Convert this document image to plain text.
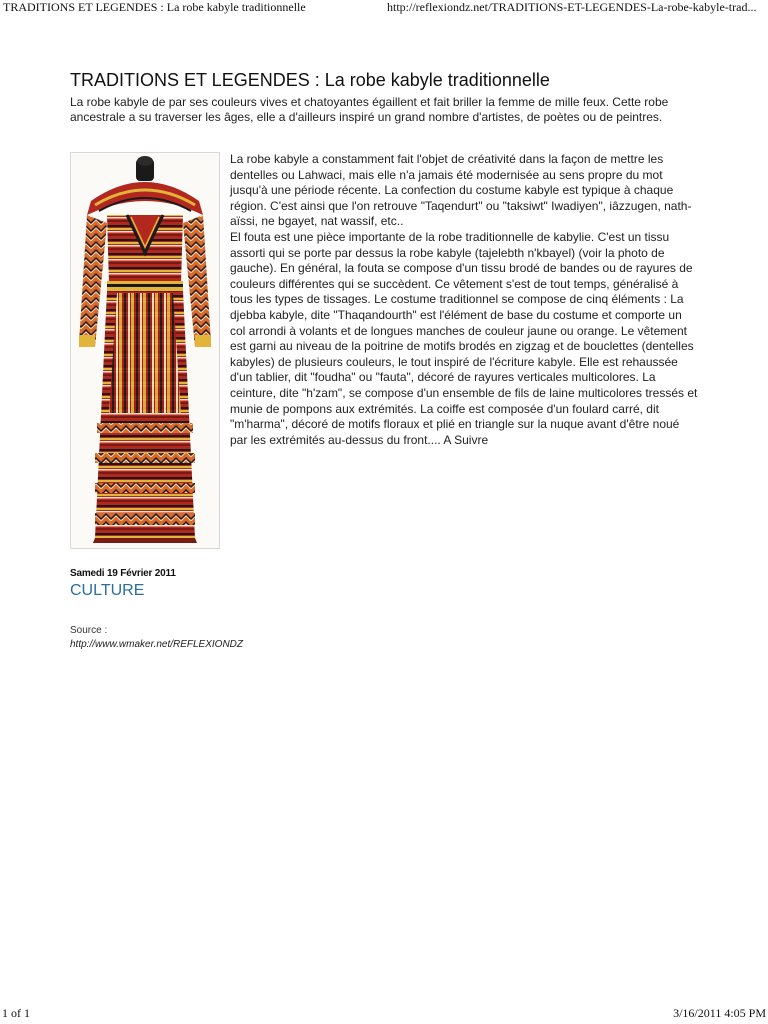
TRADITIONS ET LEGENDES : La robe kabyle traditionnelle	http://reflexiondz.net/TRADITIONS-ET-LEGENDES-La-robe-kabyle-trad...
TRADITIONS ET LEGENDES : La robe kabyle traditionnelle

La robe kabyle de par ses couleurs vives et chatoyantes égaillent et fait briller la femme de mille feux. Cette robe ancestrale a su traverser les âges, elle a d'ailleurs inspiré un grand nombre d'artistes, de poètes ou de peintres.

La robe kabyle a constamment fait l'objet de créativité dans la façon de mettre les dentelles ou Lahwaci, mais elle n'a jamais été modernisée au sens propre du mot jusqu'à une période récente. La confection du costume kabyle est typique à chaque région. C'est ainsi que l'on retrouve "Taqendurt" ou "taksiwt" Iwadiyen", iâzzugen, nath-aïssi, ne bgayet, nat wassif, etc..

El fouta est une pièce importante de la robe traditionnelle de kabylie. C'est un tissu assorti qui se porte par dessus la robe kabyle (tajelebth n'kbayel) (voir la photo de gauche). En général, la fouta se compose d'un tissu brodé de bandes ou de rayures de couleurs différentes qui se succèdent. Ce vêtement s'est de tout temps, généralisé à tous les types de tissages. Le costume traditionnel se compose de cinq éléments : La djebba kabyle, dite "Thaqandourth" est l'élément de base du costume et comporte un col arrondi à volants et de longues manches de couleur jaune ou orange. Le vêtement est garni au niveau de la poitrine de motifs brodés en zigzag et de bouclettes (dentelles kabyles) de plusieurs couleurs, le tout inspiré de l'écriture kabyle. Elle est rehaussée d'un tablier, dit "foudha" ou "fauta", décoré de rayures verticales multicolores. La ceinture, dite "h'zam", se compose d'un ensemble de fils de laine multicolores tressés et munie de pompons aux extrémités. La coiffe est composée d'un foulard carré, dit "m'harma", décoré de motifs floraux et plié en triangle sur la nuque avant d'être noué par les extrémités au-dessus du front.... A Suivre

Samedi 19 Février 2011
CULTURE
Source :
http://www.wmaker.net/REFLEXIONDZ
1 of 1	3/16/2011 4:05 PM
